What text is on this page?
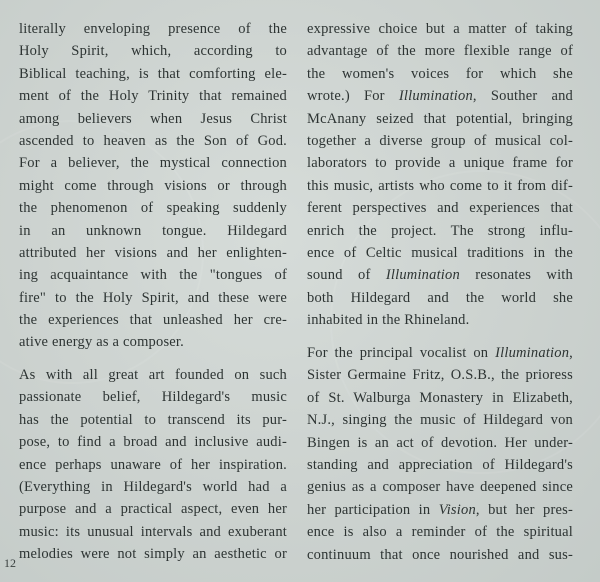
literally enveloping presence of the
Holy Spirit, which, according to
Biblical teaching, is that comforting ele-
ment of the Holy Trinity that remained
among believers when Jesus Christ
ascended to heaven as the Son of God.
For a believer, the mystical connection
might come through visions or through
the phenomenon of speaking suddenly
in an unknown tongue. Hildegard
attributed her visions and her enlighten-
ing acquaintance with the "tongues of
fire" to the Holy Spirit, and these were
the experiences that unleashed her cre-
ative energy as a composer.
As with all great art founded on such
passionate belief, Hildegard's music
has the potential to transcend its pur-
pose, to find a broad and inclusive audi-
ence perhaps unaware of her inspiration.
(Everything in Hildegard's world had a
purpose and a practical aspect, even her
music: its unusual intervals and exuberant
melodies were not simply an aesthetic or
expressive choice but a matter of taking
advantage of the more flexible range of
the women's voices for which she
wrote.) For Illumination, Souther and
McAnany seized that potential, bringing
together a diverse group of musical col-
laborators to provide a unique frame for
this music, artists who come to it from dif-
ferent perspectives and experiences that
enrich the project. The strong influ-
ence of Celtic musical traditions in the
sound of Illumination resonates with
both Hildegard and the world she
inhabited in the Rhineland.
For the principal vocalist on Illumination,
Sister Germaine Fritz, O.S.B., the prioress
of St. Walburga Monastery in Elizabeth,
N.J., singing the music of Hildegard von
Bingen is an act of devotion. Her under-
standing and appreciation of Hildegard's
genius as a composer have deepened since
her participation in Vision, but her pres-
ence is also a reminder of the spiritual
continuum that once nourished and sus-
12
